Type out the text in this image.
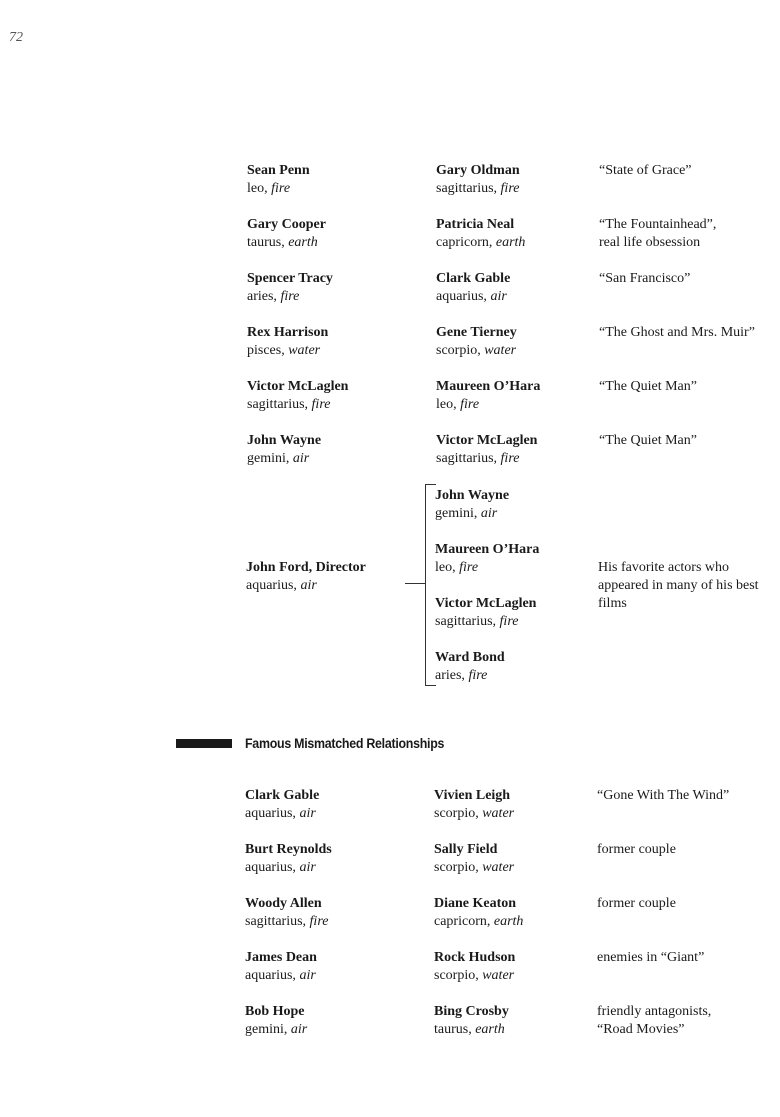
72
Sean Penn
leo, fire
Gary Oldman
sagittarius, fire
“State of Grace”
Gary Cooper
taurus, earth
Patricia Neal
capricorn, earth
“The Fountainhead”, real life obsession
Spencer Tracy
aries, fire
Clark Gable
aquarius, air
“San Francisco”
Rex Harrison
pisces, water
Gene Tierney
scorpio, water
“The Ghost and Mrs. Muir”
Victor McLaglen
sagittarius, fire
Maureen O’Hara
leo, fire
“The Quiet Man”
John Wayne
gemini, air
Victor McLaglen
sagittarius, fire
“The Quiet Man”
John Ford, Director
aquarius, air
John Wayne
gemini, air
Maureen O’Hara
leo, fire
Victor McLaglen
sagittarius, fire
Ward Bond
aries, fire
His favorite actors who appeared in many of his best films
Famous Mismatched Relationships
Clark Gable
aquarius, air
Vivien Leigh
scorpio, water
“Gone With The Wind”
Burt Reynolds
aquarius, air
Sally Field
scorpio, water
former couple
Woody Allen
sagittarius, fire
Diane Keaton
capricorn, earth
former couple
James Dean
aquarius, air
Rock Hudson
scorpio, water
enemies in “Giant”
Bob Hope
gemini, air
Bing Crosby
taurus, earth
friendly antagonists, “Road Movies”
